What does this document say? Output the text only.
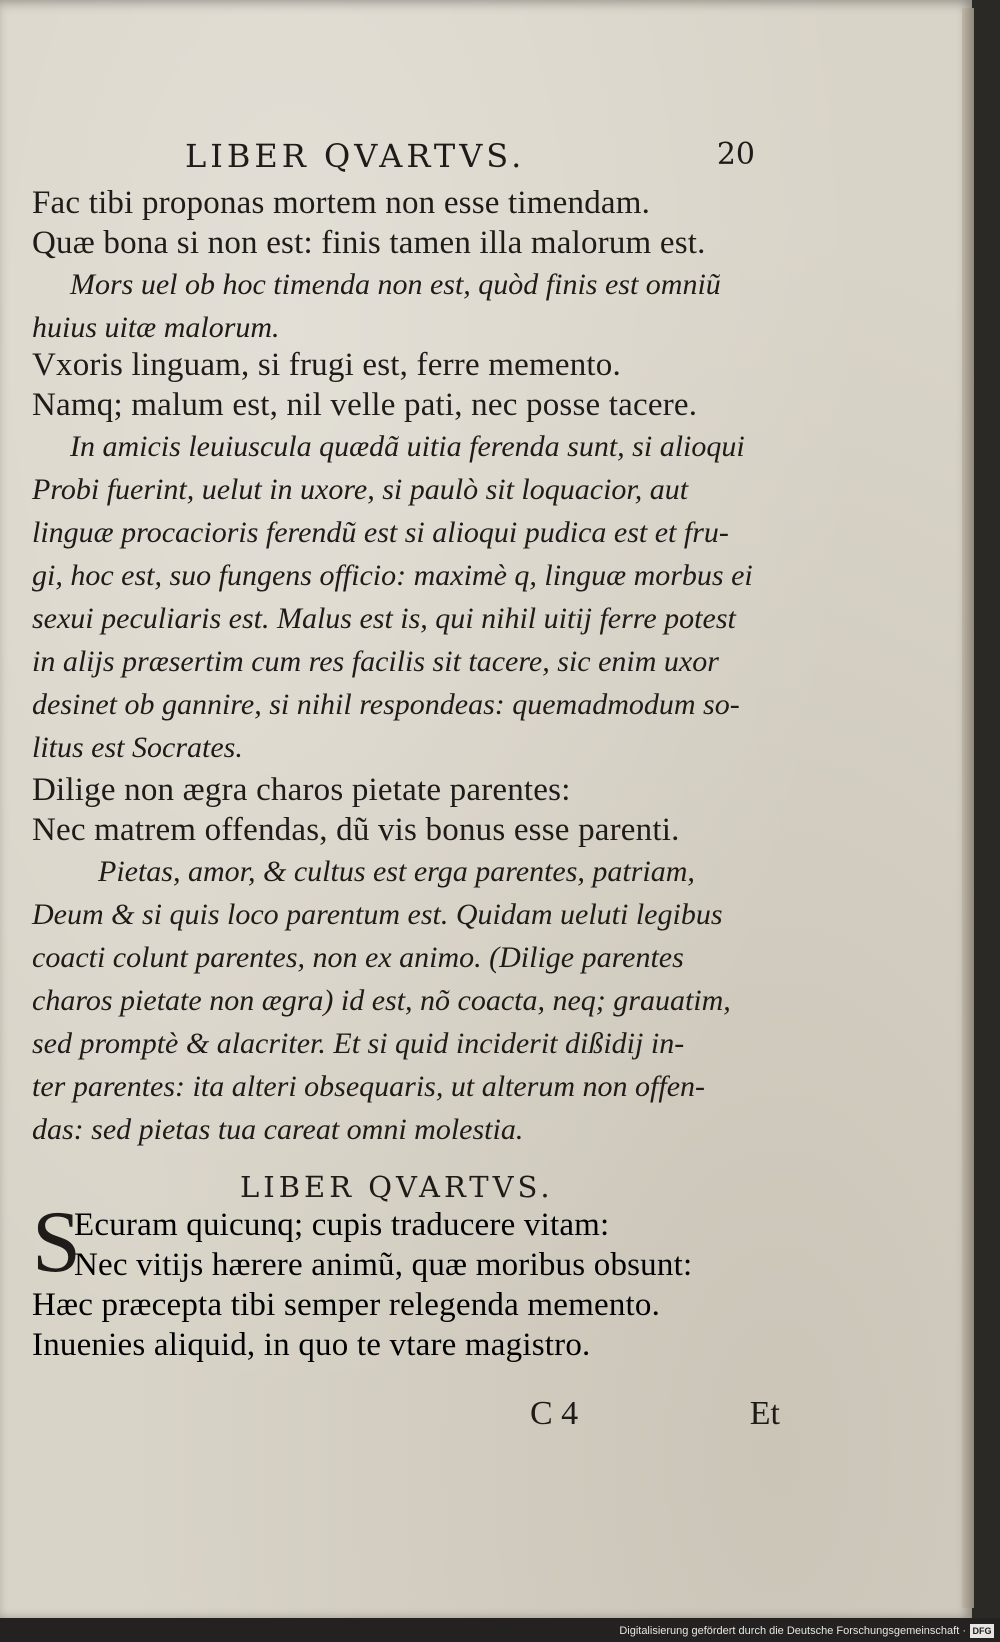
LIBER QVARTVS.	20
Fac tibi proponas mortem non esse timendam.
Quæ bona si non est: finis tamen illa malorum est.
Mors uel ob hoc timenda non est, quòd finis est omniũ
huius uitæ malorum.
Vxoris linguam, si frugi est, ferre memento.
Namq; malum est, nil velle pati, nec posse tacere.
In amicis leuiuscula quædã uitia ferenda sunt, si alioqui
Probi fuerint, uelut in uxore, si paulò sit loquacior, aut
linguæ procacioris ferendũ est si alioqui pudica est et fru-
gi, hoc est, suo fungens officio: maximè q, linguæ morbus ei
sexui peculiaris est. Malus est is, qui nihil uitij ferre potest
in alijs præsertim cum res facilis sit tacere, sic enim uxor
desinet ob gannire, si nihil respondeas: quemadmodum so-
litus est Socrates.
Dilige non ægra charos pietate parentes:
Nec matrem offendas, dũ vis bonus esse parenti.
Pietas, amor, & cultus est erga parentes, patriam,
Deum & si quis loco parentum est. Quidam ueluti legibus
coacti colunt parentes, non ex animo. (Dilige parentes
charos pietate non ægra) id est, nõ coacta, neq; grauatim,
sed promptè & alacriter. Et si quid inciderit dißidij in-
ter parentes: ita alteri obsequaris, ut alterum non offen-
das: sed pietas tua careat omni molestia.
LIBER QVARTVS.
S
Ecuram quicunq; cupis traducere vitam:
Nec vitijs hærere animũ, quæ moribus obsunt:
Hæc præcepta tibi semper relegenda memento.
Inuenies aliquid, in quo te vtare magistro.
C 4	Et
Digitalisierung gefördert durch die Deutsche Forschungsgemeinschaft · DFG
